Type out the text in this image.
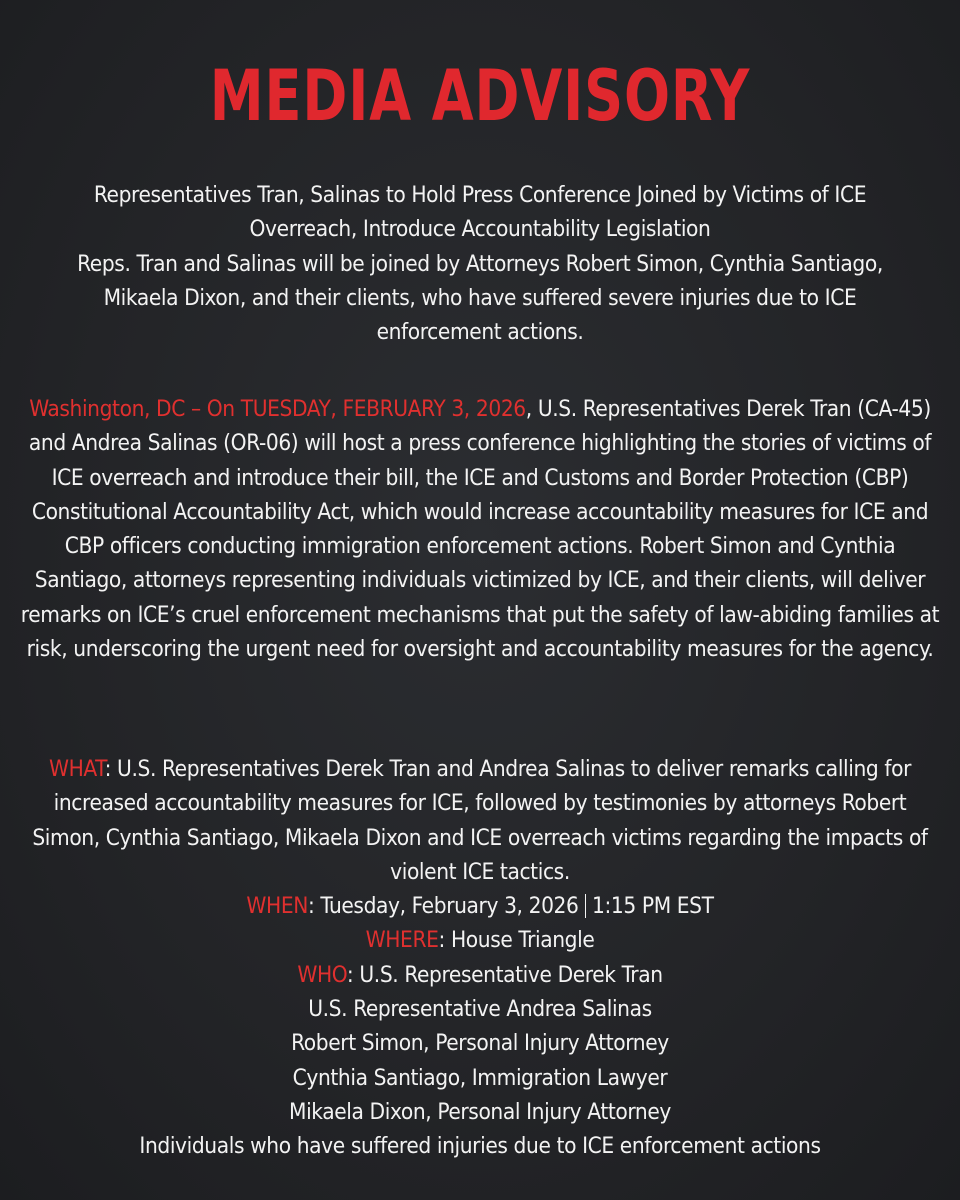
MEDIA ADVISORY
Representatives Tran, Salinas to Hold Press Conference Joined by Victims of ICE
Overreach, Introduce Accountability Legislation
Reps. Tran and Salinas will be joined by Attorneys Robert Simon, Cynthia Santiago,
Mikaela Dixon, and their clients, who have suffered severe injuries due to ICE
enforcement actions.
Washington, DC – On TUESDAY, FEBRUARY 3, 2026, U.S. Representatives Derek Tran (CA-45) and Andrea Salinas (OR-06) will host a press conference highlighting the stories of victims of ICE overreach and introduce their bill, the ICE and Customs and Border Protection (CBP) Constitutional Accountability Act, which would increase accountability measures for ICE and CBP officers conducting immigration enforcement actions. Robert Simon and Cynthia Santiago, attorneys representing individuals victimized by ICE, and their clients, will deliver remarks on ICE’s cruel enforcement mechanisms that put the safety of law-abiding families at risk, underscoring the urgent need for oversight and accountability measures for the agency.
WHAT: U.S. Representatives Derek Tran and Andrea Salinas to deliver remarks calling for increased accountability measures for ICE, followed by testimonies by attorneys Robert Simon, Cynthia Santiago, Mikaela Dixon and ICE overreach victims regarding the impacts of violent ICE tactics.
WHEN: Tuesday, February 3, 2026 1:15 PM EST
WHERE: House Triangle
WHO: U.S. Representative Derek Tran
U.S. Representative Andrea Salinas
Robert Simon, Personal Injury Attorney
Cynthia Santiago, Immigration Lawyer
Mikaela Dixon, Personal Injury Attorney
Individuals who have suffered injuries due to ICE enforcement actions
